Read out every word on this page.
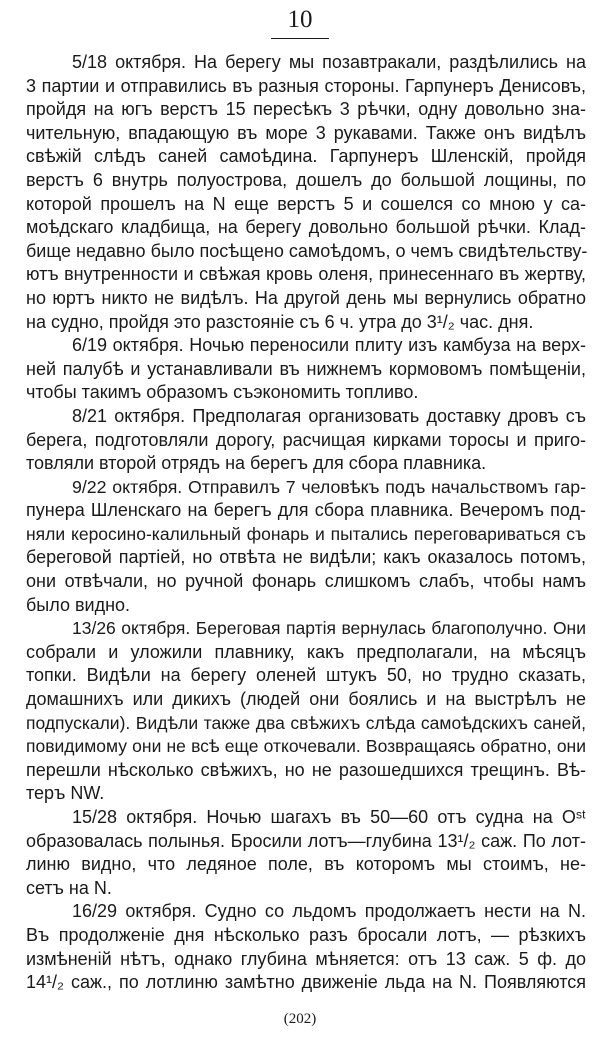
10
5/18 октября. На берегу мы позавтракали, раздѣлились на
3 партии и отправились въ разныя стороны. Гарпунеръ Денисовъ,
пройдя на югъ верстъ 15 пересѣкъ 3 рѣчки, одну довольно зна-
чительную, впадающую въ море 3 рукавами. Также онъ видѣлъ
свѣжій слѣдъ саней самоѣдина. Гарпунеръ Шленскій, пройдя
верстъ 6 внутрь полуострова, дошелъ до большой лощины, по
которой прошелъ на N еще верстъ 5 и сошелся со мною у са-
моѣдскаго кладбища, на берегу довольно большой рѣчки. Клад-
бище недавно было посѣщено самоѣдомъ, о чемъ свидѣтельству-
ютъ внутренности и свѣжая кровь оленя, принесеннаго въ жертву,
но юртъ никто не видѣлъ. На другой день мы вернулись обратно
на судно, пройдя это разстояніе съ 6 ч. утра до 3¹/₂ час. дня.
6/19 октября. Ночью переносили плиту изъ камбуза на верх-
ней палубѣ и устанавливали въ нижнемъ кормовомъ помѣщеніи,
чтобы такимъ образомъ съэкономить топливо.
8/21 октября. Предполагая организовать доставку дровъ съ
берега, подготовляли дорогу, расчищая кирками торосы и приго-
товляли второй отрядъ на берегъ для сбора плавника.
9/22 октября. Отправилъ 7 человѣкъ подъ начальствомъ гар-
пунера Шленскаго на берегъ для сбора плавника. Вечеромъ под-
няли керосино-калильный фонарь и пытались переговариваться съ
береговой партіей, но отвѣта не видѣли; какъ оказалось потомъ,
они отвѣчали, но ручной фонарь слишкомъ слабъ, чтобы намъ
было видно.
13/26 октября. Береговая партія вернулась благополучно. Они
собрали и уложили плавнику, какъ предполагали, на мѣсяцъ
топки. Видѣли на берегу оленей штукъ 50, но трудно сказать,
домашнихъ или дикихъ (людей они боялись и на выстрѣлъ не
подпускали). Видѣли также два свѣжихъ слѣда самоѣдскихъ саней,
повидимому они не всѣ еще откочевали. Возвращаясь обратно, они
перешли нѣсколько свѣжихъ, но не разошедшихся трещинъ. Вѣ-
теръ NW.
15/28 октября. Ночью шагахъ въ 50—60 отъ судна на Oˢᵗ
образовалась полынья. Бросили лотъ—глубина 13¹/₂ саж. По лот-
линю видно, что ледяное поле, въ которомъ мы стоимъ, не-
сетъ на N.
16/29 октября. Судно со льдомъ продолжаетъ нести на N.
Въ продолженіе дня нѣсколько разъ бросали лотъ, — рѣзкихъ
измѣненій нѣтъ, однако глубина мѣняется: отъ 13 саж. 5 ф. до
14¹/₂ саж., по лотлиню замѣтно движеніе льда на N. Появляются
(202)
